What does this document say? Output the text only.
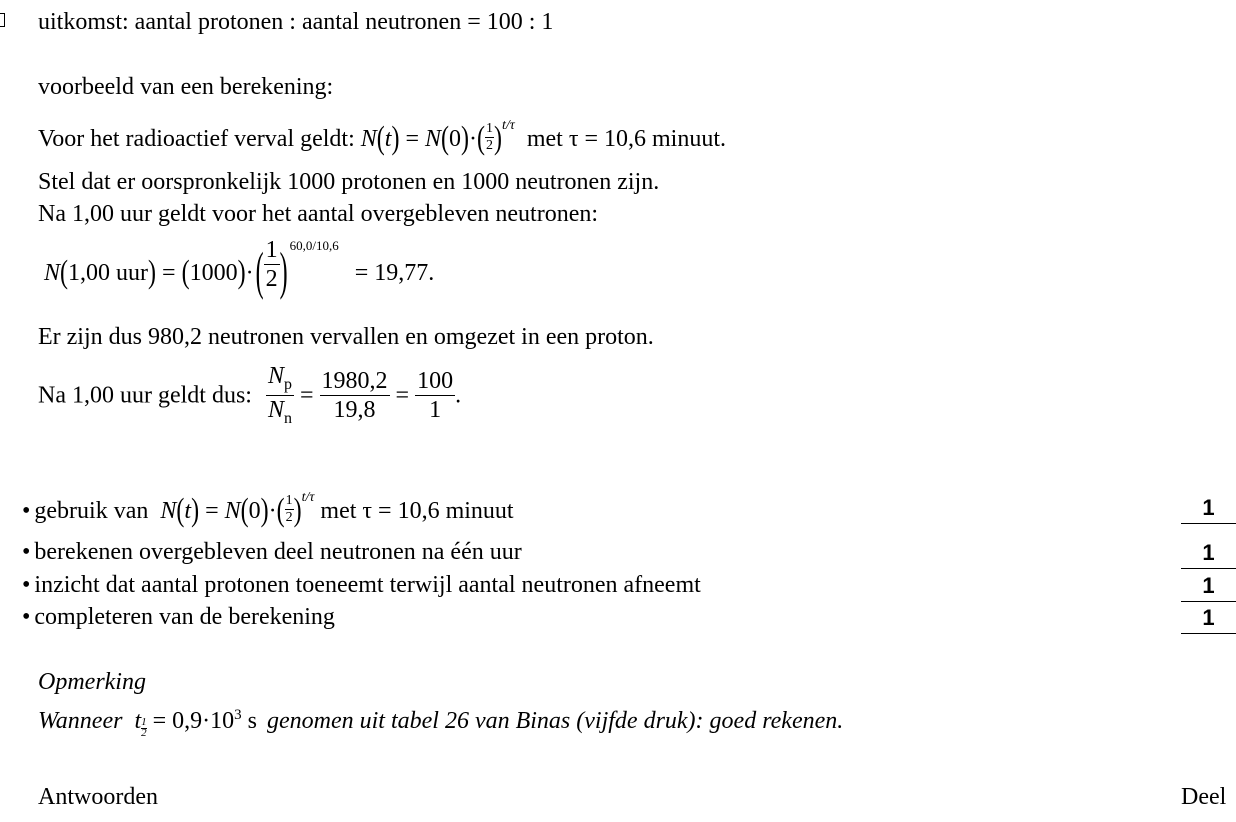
uitkomst: aantal protonen : aantal neutronen = 100 : 1
voorbeeld van een berekening:
Voor het radioactief verval geldt: $N(t) = N(0)\cdot( \frac{1}{2} )^{t/\tau}$ met τ = 10,6 minuut.
Stel dat er oorspronkelijk 1000 protonen en 1000 neutronen zijn.
Na 1,00 uur geldt voor het aantal overgebleven neutronen:
N(1,00 $uur) = (1000)\cdot( \frac{1}{2}$ ) $^{60,0/10,6}$ = 19,77.
Er zijn dus 980,2 neutronen vervallen en omgezet in een proton.
Na 1,00 uur geldt dus: $\frac{N_p}{N_n} = \frac{1980,2}{19,8} = \frac{100}{1}$ .
• gebruik van $N(t) = N(0)\cdot( \frac{1}{2} )^{t/\tau}$ met τ = 10,6 minuut	1
• berekenen overgebleven deel neutronen na één uur	1
• inzicht dat aantal protonen toeneemt terwijl aantal neutronen afneemt	1
• completeren van de berekening	1
Opmerking
Wanneer t $\frac{1}{2} = 0,9\cdot 10^3$ s genomen uit tabel 26 van Binas (vijfde druk): goed rekenen.
Antwoorden	Deel
